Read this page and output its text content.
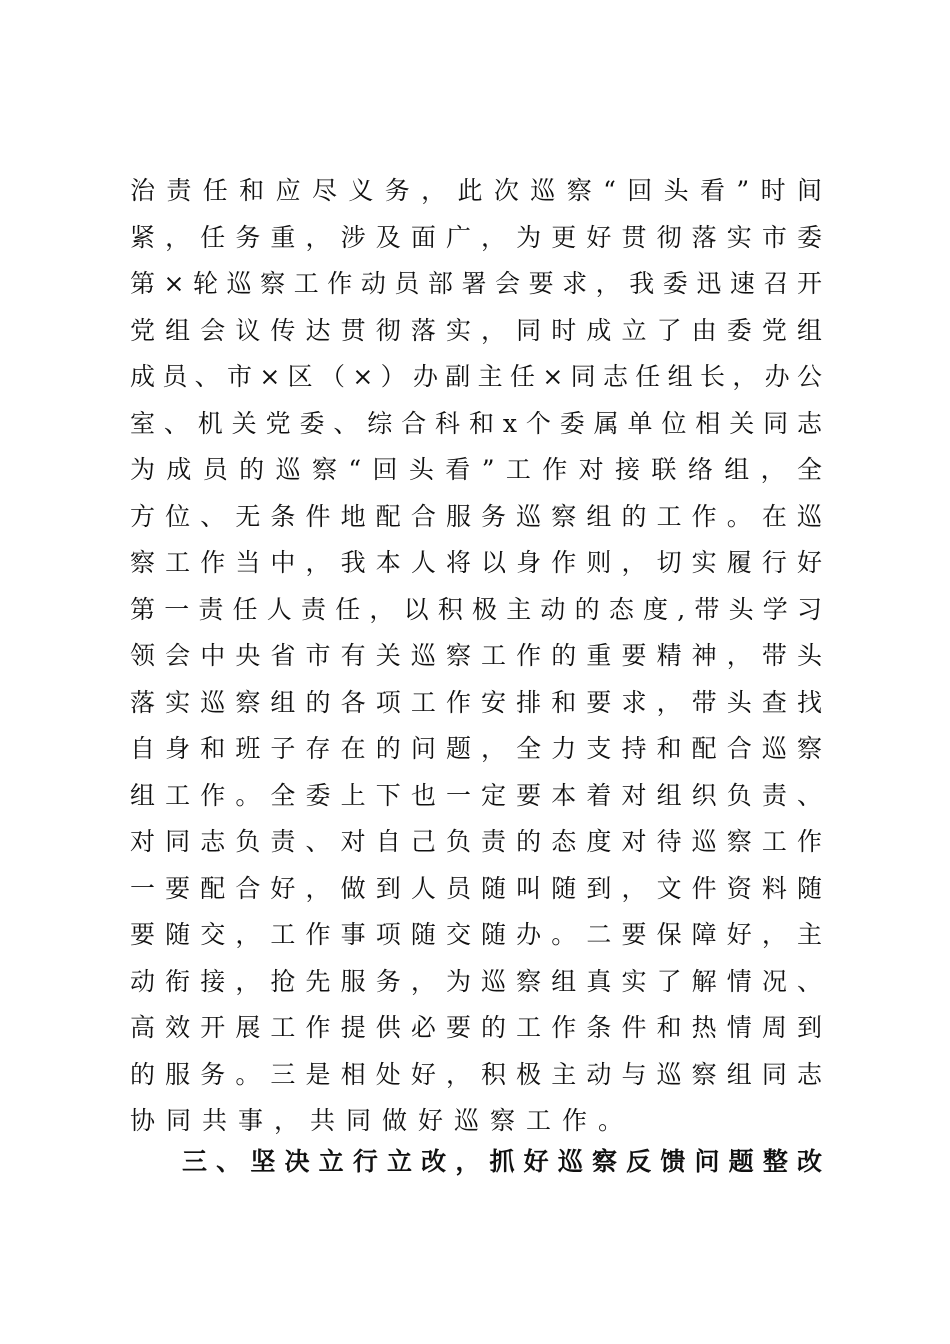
治责任和应尽义务，此次巡察“回头看”时间
紧，任务重，涉及面广，为更好贯彻落实市委
第×轮巡察工作动员部署会要求，我委迅速召开
党组会议传达贯彻落实，同时成立了由委党组
成员、市×区（×）办副主任×同志任组长，办公
室、机关党委、综合科和x个委属单位相关同志
为成员的巡察“回头看”工作对接联络组，全
方位、无条件地配合服务巡察组的工作。在巡
察工作当中，我本人将以身作则，切实履行好
第一责任人责任，以积极主动的态度,带头学习
领会中央省市有关巡察工作的重要精神，带头
落实巡察组的各项工作安排和要求，带头查找
自身和班子存在的问题，全力支持和配合巡察
组工作。全委上下也一定要本着对组织负责、
对同志负责、对自己负责的态度对待巡察工作
一要配合好，做到人员随叫随到，文件资料随
要随交，工作事项随交随办。二要保障好，主
动衔接，抢先服务，为巡察组真实了解情况、
高效开展工作提供必要的工作条件和热情周到
的服务。三是相处好，积极主动与巡察组同志
协同共事，共同做好巡察工作。
三、坚决立行立改，抓好巡察反馈问题整改
